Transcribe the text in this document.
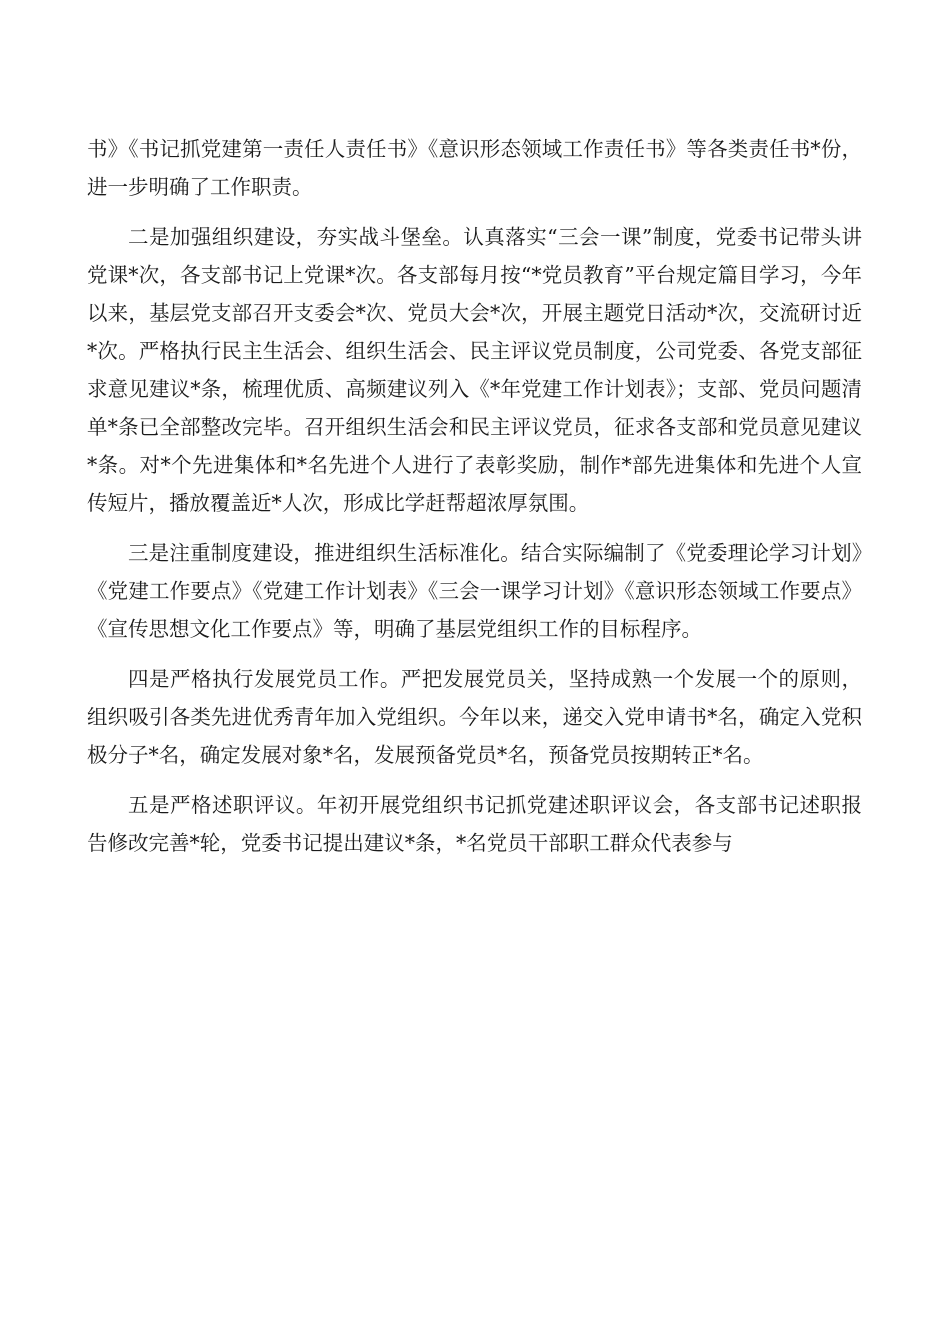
书》《书记抓党建第一责任人责任书》《意识形态领域工作责任书》等各类责任书*份，进一步明确了工作职责。

二是加强组织建设，夯实战斗堡垒。认真落实“三会一课”制度，党委书记带头讲党课*次，各支部书记上党课*次。各支部每月按“*党员教育”平台规定篇目学习，今年以来，基层党支部召开支委会*次、党员大会*次，开展主题党日活动*次，交流研讨近*次。严格执行民主生活会、组织生活会、民主评议党员制度，公司党委、各党支部征求意见建议*条，梳理优质、高频建议列入《*年党建工作计划表》；支部、党员问题清单*条已全部整改完毕。召开组织生活会和民主评议党员，征求各支部和党员意见建议*条。对*个先进集体和*名先进个人进行了表彰奖励，制作*部先进集体和先进个人宣传短片，播放覆盖近*人次，形成比学赶帮超浓厚氛围。

三是注重制度建设，推进组织生活标准化。结合实际编制了《党委理论学习计划》《党建工作要点》《党建工作计划表》《三会一课学习计划》《意识形态领域工作要点》《宣传思想文化工作要点》等，明确了基层党组织工作的目标程序。

四是严格执行发展党员工作。严把发展党员关，坚持成熟一个发展一个的原则，组织吸引各类先进优秀青年加入党组织。今年以来，递交入党申请书*名，确定入党积极分子*名，确定发展对象*名，发展预备党员*名，预备党员按期转正*名。

五是严格述职评议。年初开展党组织书记抓党建述职评议会，各支部书记述职报告修改完善*轮，党委书记提出建议*条，*名党员干部职工群众代表参与
